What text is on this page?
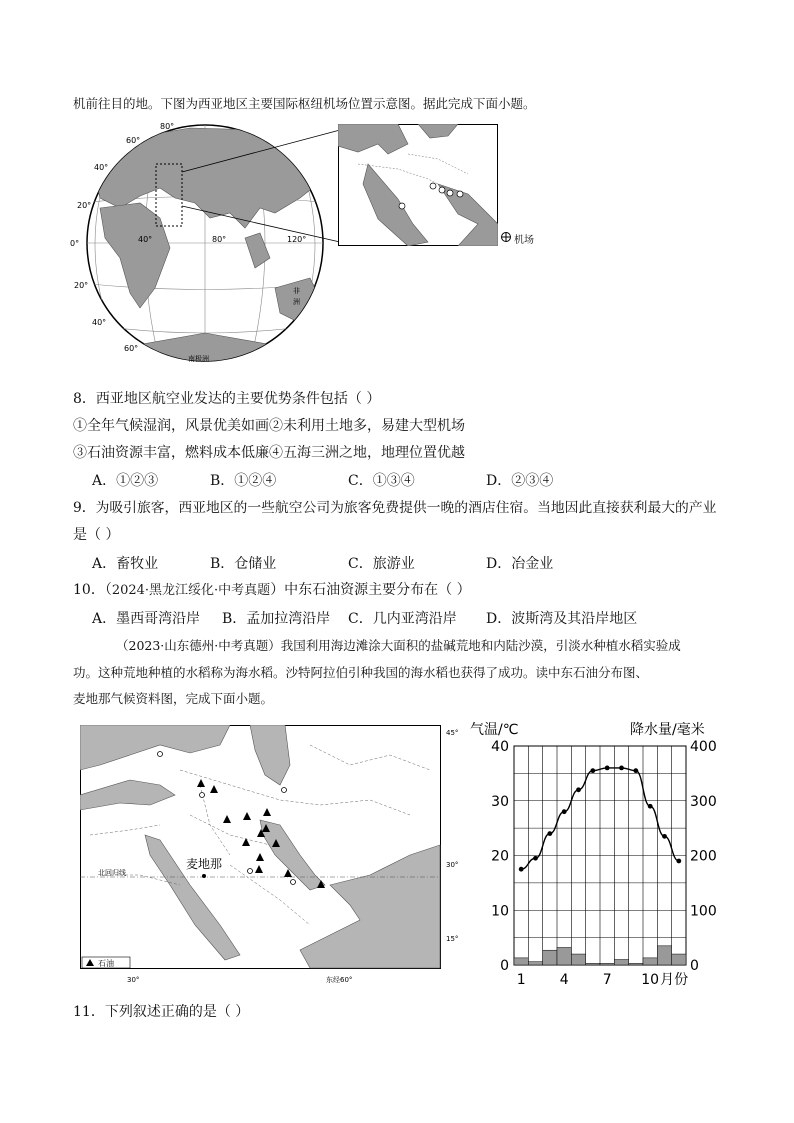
机前往目的地。下图为西亚地区主要国际枢纽机场位置示意图。据此完成下面小题。
80°
60°
40°
20°
0°
20°
40°
60°
40°	80°	120°
南极洲
非
洲
机场
8．西亚地区航空业发达的主要优势条件包括（ ）
①全年气候湿润，风景优美如画②未利用土地多，易建大型机场
③石油资源丰富，燃料成本低廉④五海三洲之地，地理位置优越
A．①②③	B．①②④	C．①③④	D．②③④
9．为吸引旅客，西亚地区的一些航空公司为旅客免费提供一晚的酒店住宿。当地因此直接获利最大的产业
是（ ）
A．畜牧业	B．仓储业	C．旅游业	D．冶金业
10．（2024·黑龙江绥化·中考真题）中东石油资源主要分布在（ ）
A．墨西哥湾沿岸 B．孟加拉湾沿岸 C．几内亚湾沿岸 D．波斯湾及其沿岸地区
（2023·山东德州·中考真题）我国利用海边滩涂大面积的盐碱荒地和内陆沙漠，引淡水种植水稻实验成
功。这种荒地种植的水稻称为海水稻。沙特阿拉伯引种我国的海水稻也获得了成功。读中东石油分布图、
麦地那气候资料图，完成下面小题。
麦地那
北回归线
45°
30°
15°
30°	东经60°
石油
气温/℃	降水量/毫米
0
10
20
30
40
0
100
200
300
400
1 4 7 10 月份
11．下列叙述正确的是（ ）
